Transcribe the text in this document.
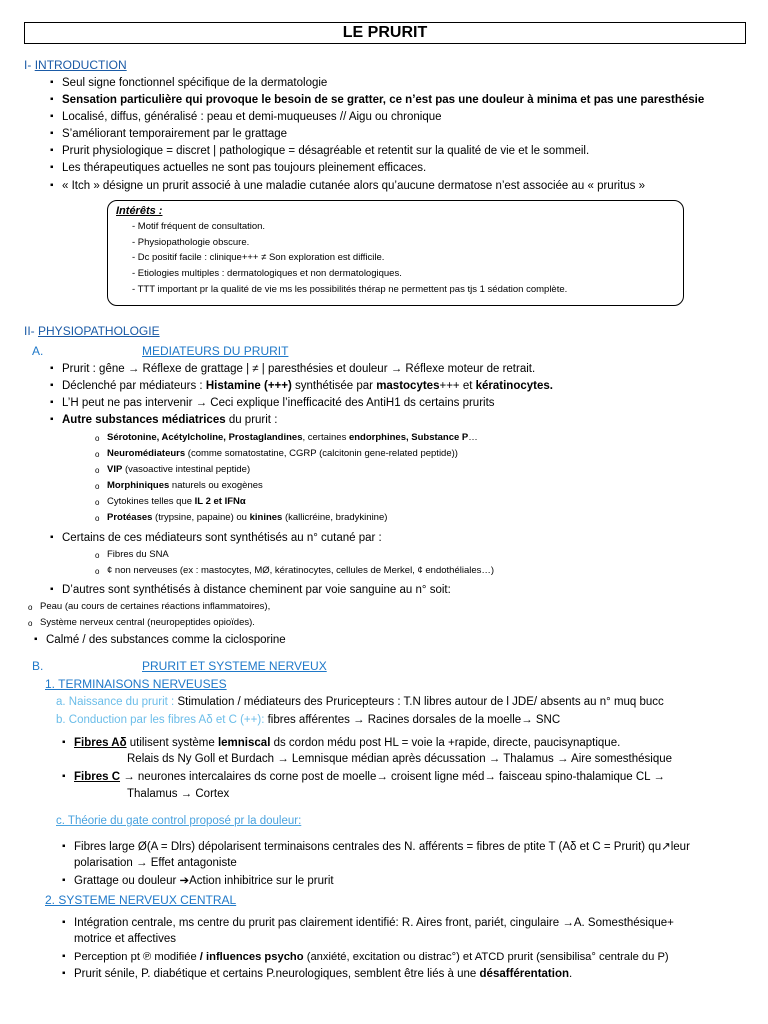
LE PRURIT
I- INTRODUCTION
▪ Seul signe fonctionnel spécifique de la dermatologie
▪ Sensation particulière qui provoque le besoin de se gratter, ce n’est pas une douleur à minima et pas une paresthésie
▪ Localisé, diffus, généralisé : peau et demi-muqueuses // Aigu ou chronique
▪ S’améliorant temporairement par le grattage
▪ Prurit physiologique = discret | pathologique = désagréable et retentit sur la qualité de vie et le sommeil.
▪ Les thérapeutiques actuelles ne sont pas toujours pleinement efficaces.
▪ « Itch » désigne un prurit associé à une maladie cutanée alors qu’aucune dermatose n’est associée au « pruritus »
Intérêts :
- Motif fréquent de consultation.
- Physiopathologie obscure.
- Dc positif facile : clinique+++ ≠ Son exploration est difficile.
- Etiologies multiples : dermatologiques et non dermatologiques.
- TTT important pr la qualité de vie ms les possibilités thérap ne permettent pas tjs 1 sédation complète.
II- PHYSIOPATHOLOGIE
A.	MEDIATEURS DU PRURIT
▪ Prurit : gêne → Réflexe de grattage | ≠ | paresthésies et douleur → Réflexe moteur de retrait.
▪ Déclenché par médiateurs : Histamine (+++) synthétisée par mastocytes+++ et kératinocytes.
▪ L’H peut ne pas intervenir → Ceci explique l’inefficacité des AntiH1 ds certains prurits
▪ Autre substances médiatrices du prurit :
o Sérotonine, Acétylcholine, Prostaglandines, certaines endorphines, Substance P…
o Neuromédiateurs (comme somatostatine, CGRP (calcitonin gene-related peptide))
o VIP (vasoactive intestinal peptide)
o Morphiniques naturels ou exogènes
o Cytokines telles que IL 2 et IFNα
o Protéases (trypsine, papaine) ou kinines (kallicréine, bradykinine)
▪ Certains de ces médiateurs sont synthétisés au n° cutané par :
o Fibres du SNA
o ¢ non nerveuses (ex : mastocytes, MØ, kératinocytes, cellules de Merkel, ¢ endothéliales…)
▪ D’autres sont synthétisés à distance cheminent par voie sanguine au n° soit:
o Peau (au cours de certaines réactions inflammatoires),
o Système nerveux central (neuropeptides opioïdes).
▪ Calmé / des substances comme la ciclosporine
B.	PRURIT ET SYSTEME NERVEUX
1. TERMINAISONS NERVEUSES
a. Naissance du prurit : Stimulation / médiateurs des Pruricepteurs : T.N libres autour de l JDE/ absents au n° muq bucc
b. Conduction par les fibres Aδ et C (++): fibres afférentes → Racines dorsales de la moelle→ SNC
▪ Fibres Aδ utilisent système lemniscal ds cordon médu post HL = voie la +rapide, directe, paucisynaptique.
Relais ds Ny Goll et Burdach → Lemnisque médian après décussation → Thalamus → Aire somesthésique
▪ Fibres C → neurones intercalaires ds corne post de moelle→ croisent ligne méd→ faisceau spino-thalamique CL →
Thalamus → Cortex
c. Théorie du gate control proposé pr la douleur:
▪ Fibres large Ø(A = Dlrs) dépolarisent terminaisons centrales des N. afférents = fibres de ptite T (Aδ et C = Prurit) qu↗leur
polarisation → Effet antagoniste
▪ Grattage ou douleur ➔Action inhibitrice sur le prurit
2. SYSTEME NERVEUX CENTRAL
▪ Intégration centrale, ms centre du prurit pas clairement identifié: R. Aires front, pariét, cingulaire →A. Somesthésique+
motrice et affectives
▪ Perception pt ℗ modifiée / influences psycho (anxiété, excitation ou distrac°) et ATCD prurit (sensibilisa° centrale du P)
▪ Prurit sénile, P. diabétique et certains P.neurologiques, semblent être liés à une désafférentation.
